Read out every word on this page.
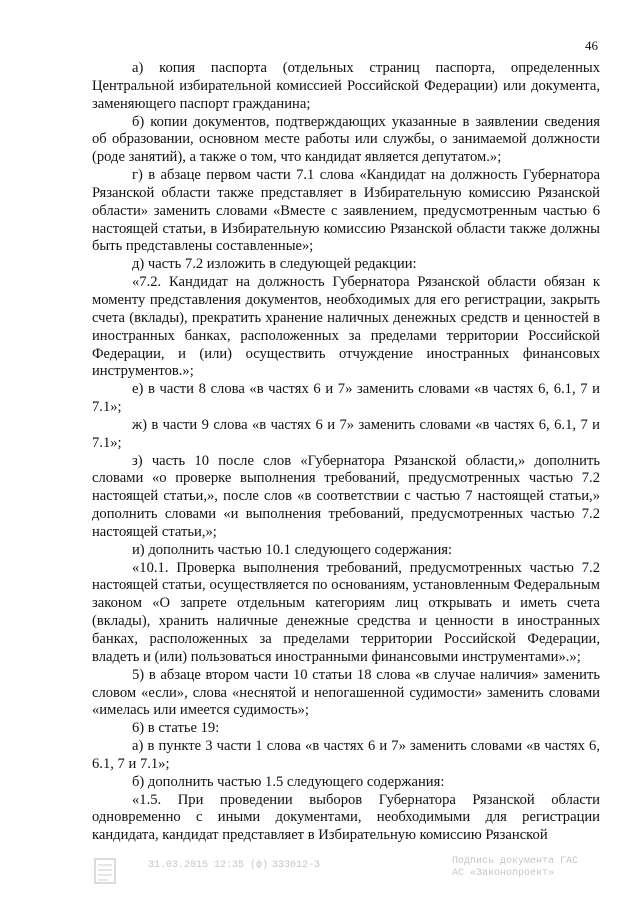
46

а) копия паспорта (отдельных страниц паспорта, определенных Центральной избирательной комиссией Российской Федерации) или документа, заменяющего паспорт гражданина;

б) копии документов, подтверждающих указанные в заявлении сведения об образовании, основном месте работы или службы, о занимаемой должности (роде занятий), а также о том, что кандидат является депутатом.»;

г) в абзаце первом части 7.1 слова «Кандидат на должность Губернатора Рязанской области также представляет в Избирательную комиссию Рязанской области» заменить словами «Вместе с заявлением, предусмотренным частью 6 настоящей статьи, в Избирательную комиссию Рязанской области также должны быть представлены составленные»;

д) часть 7.2 изложить в следующей редакции:

«7.2. Кандидат на должность Губернатора Рязанской области обязан к моменту представления документов, необходимых для его регистрации, закрыть счета (вклады), прекратить хранение наличных денежных средств и ценностей в иностранных банках, расположенных за пределами территории Российской Федерации, и (или) осуществить отчуждение иностранных финансовых инструментов.»;

е) в части 8 слова «в частях 6 и 7» заменить словами «в частях 6, 6.1, 7 и 7.1»;

ж) в части 9 слова «в частях 6 и 7» заменить словами «в частях 6, 6.1, 7 и 7.1»;

з) часть 10 после слов «Губернатора Рязанской области,» дополнить словами «о проверке выполнения требований, предусмотренных частью 7.2 настоящей статьи,», после слов «в соответствии с частью 7 настоящей статьи,» дополнить словами «и выполнения требований, предусмотренных частью 7.2 настоящей статьи,»;

и) дополнить частью 10.1 следующего содержания:

«10.1. Проверка выполнения требований, предусмотренных частью 7.2 настоящей статьи, осуществляется по основаниям, установленным Федеральным законом «О запрете отдельным категориям лиц открывать и иметь счета (вклады), хранить наличные денежные средства и ценности в иностранных банках, расположенных за пределами территории Российской Федерации, владеть и (или) пользоваться иностранными финансовыми инструментами».»;

5) в абзаце втором части 10 статьи 18 слова «в случае наличия» заменить словом «если», слова «неснятой и непогашенной судимости» заменить словами «имелась или имеется судимость»;

6) в статье 19:

а) в пункте 3 части 1 слова «в частях 6 и 7» заменить словами «в частях 6, 6.1, 7 и 7.1»;

б) дополнить частью 1.5 следующего содержания:

«1.5. При проведении выборов Губернатора Рязанской области одновременно с иными документами, необходимыми для регистрации кандидата, кандидат представляет в Избирательную комиссию Рязанской

31.03.2015 12:35 (ф) 333012-3	Подпись документа ГАС
АС «Законопроект»
